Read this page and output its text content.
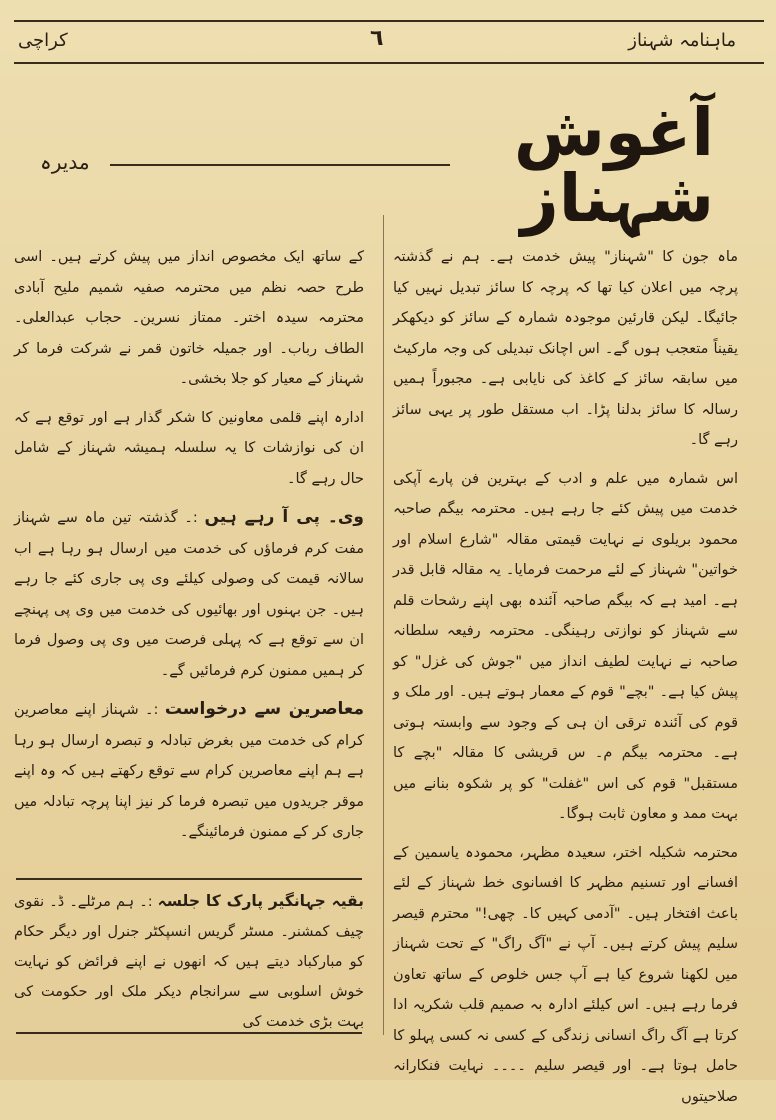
ماہنامہ شہناز
٦
کراچی
آغوش شہناز
مدیرہ

ماہ جون کا "شہناز" پیش خدمت ہے۔ ہم نے گذشتہ پرچہ میں اعلان کیا تھا کہ پرچہ کا سائز تبدیل نہیں کیا جائیگا۔ لیکن قارئین موجودہ شمارہ کے سائز کو دیکھکر یقیناً متعجب ہوں گے۔ اس اچانک تبدیلی کی وجہ مارکیٹ میں سابقہ سائز کے کاغذ کی نایابی ہے۔ مجبوراً ہمیں رسالہ کا سائز بدلنا پڑا۔ اب مستقل طور پر یہی سائز رہے گا۔

اس شمارہ میں علم و ادب کے بہترین فن پارے آپکی خدمت میں پیش کئے جا رہے ہیں۔ محترمہ بیگم صاحبہ محمود بریلوی نے نہایت قیمتی مقالہ "شارع اسلام اور خواتین" شہناز کے لئے مرحمت فرمایا۔ یہ مقالہ قابل قدر ہے۔ امید ہے کہ بیگم صاحبہ آئندہ بھی اپنے رشحات قلم سے شہناز کو نوازتی رہینگی۔ محترمہ رفیعہ سلطانہ صاحبہ نے نہایت لطیف انداز میں "جوش کی غزل" کو پیش کیا ہے۔ "بچے" قوم کے معمار ہوتے ہیں۔ اور ملک و قوم کی آئندہ ترقی ان ہی کے وجود سے وابستہ ہوتی ہے۔ محترمہ بیگم م۔ س قریشی کا مقالہ "بچے کا مستقبل" قوم کی اس "غفلت" کو پر شکوہ بنانے میں بہت ممد و معاون ثابت ہوگا۔

محترمہ شکیلہ اختر، سعیدہ مظہر، محمودہ یاسمین کے افسانے اور تسنیم مظہر کا افسانوی خط شہناز کے لئے باعث افتخار ہیں۔ "آدمی کہیں کا۔ چھی!" محترم قیصر سلیم پیش کرتے ہیں۔ آپ نے "آگ راگ" کے تحت شہناز میں لکھنا شروع کیا ہے آپ جس خلوص کے ساتھ تعاون فرما رہے ہیں۔ اس کیلئے ادارہ بہ صمیم قلب شکریہ ادا کرتا ہے آگ راگ انسانی زندگی کے کسی نہ کسی پہلو کا حامل ہوتا ہے۔ اور قیصر سلیم ۔۔۔۔ نہایت فنکارانہ صلاحیتوں

کے ساتھ ایک مخصوص انداز میں پیش کرتے ہیں۔ اسی طرح حصہ نظم میں محترمہ صفیہ شمیم ملیح آبادی محترمہ سیدہ اختر۔ ممتاز نسرین۔ حجاب عبدالعلی۔ الطاف رباب۔ اور جمیلہ خاتون قمر نے شرکت فرما کر شہناز کے معیار کو جلا بخشی۔

ادارہ اپنے قلمی معاونین کا شکر گذار ہے اور توقع ہے کہ ان کی نوازشات کا یہ سلسلہ ہمیشہ شہناز کے شامل حال رہے گا۔

وی۔ پی آ رہے ہیں :۔ گذشتہ تین ماہ سے شہناز مفت کرم فرماؤں کی خدمت میں ارسال ہو رہا ہے اب سالانہ قیمت کی وصولی کیلئے وی پی جاری کئے جا رہے ہیں۔ جن بہنوں اور بھائیوں کی خدمت میں وی پی پہنچے ان سے توقع ہے کہ پہلی فرصت میں وی پی وصول فرما کر ہمیں ممنون کرم فرمائیں گے۔

معاصرین سے درخواست :۔ شہناز اپنے معاصرین کرام کی خدمت میں بغرض تبادلہ و تبصرہ ارسال ہو رہا ہے ہم اپنے معاصرین کرام سے توقع رکھتے ہیں کہ وہ اپنے موقر جریدوں میں تبصرہ فرما کر نیز اپنا پرچہ تبادلہ میں جاری کر کے ممنون فرمائینگے۔

بقیہ جہانگیر پارک کا جلسہ :۔ ہم مرٹلے۔ ڈ۔ نقوی چیف کمشنر۔ مسٹر گریس انسپکٹر جنرل اور دیگر حکام کو مبارکباد دیتے ہیں کہ انھوں نے اپنے فرائض کو نہایت خوش اسلوبی سے سرانجام دیکر ملک اور حکومت کی بہت بڑی خدمت کی
